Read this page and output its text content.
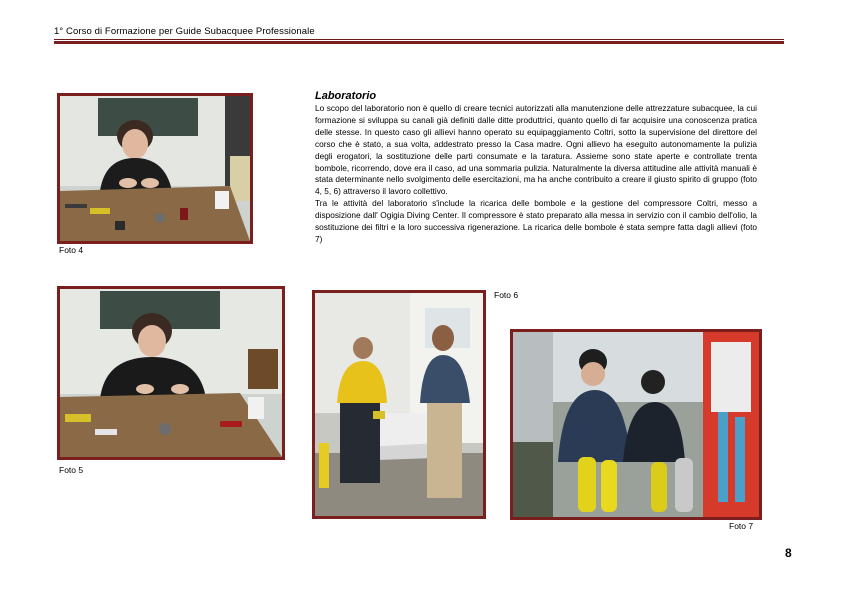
1° Corso di Formazione per Guide Subacquee Professionale
Foto 4
Laboratorio

Lo scopo del laboratorio non è quello di creare tecnici autorizzati alla manutenzione delle attrezzature subacquee, la cui formazione si sviluppa su canali già definiti dalle ditte produttrici, quanto quello di far acquisire una conoscenza pratica delle stesse. In questo caso gli allievi hanno operato su equipaggiamento Coltri, sotto la supervisione del direttore del corso che è stato, a sua volta, addestrato presso la Casa madre. Ogni allievo ha eseguito autonomamente la pulizia degli erogatori, la sostituzione delle parti consumate e la taratura. Assieme sono state aperte e controllate trenta bombole, ricorrendo, dove era il caso, ad una sommaria pulizia. Naturalmente la diversa attitudine alle attività manuali è stata determinante nello svolgimento delle esercitazioni, ma ha anche contribuito a creare il giusto spirito di gruppo (foto 4, 5, 6) attraverso il lavoro collettivo.

Tra le attività del laboratorio s'include la ricarica delle bombole e la gestione del compressore Coltri, messo a disposizione dall' Ogigia Diving Center. Il compressore è stato preparato alla messa in servizio con il cambio dell'olio, la sostituzione dei filtri e la loro successiva rigenerazione. La ricarica delle bombole è stata sempre fatta dagli allievi (foto 7)

Foto 5
Foto 6
Foto 7
8
